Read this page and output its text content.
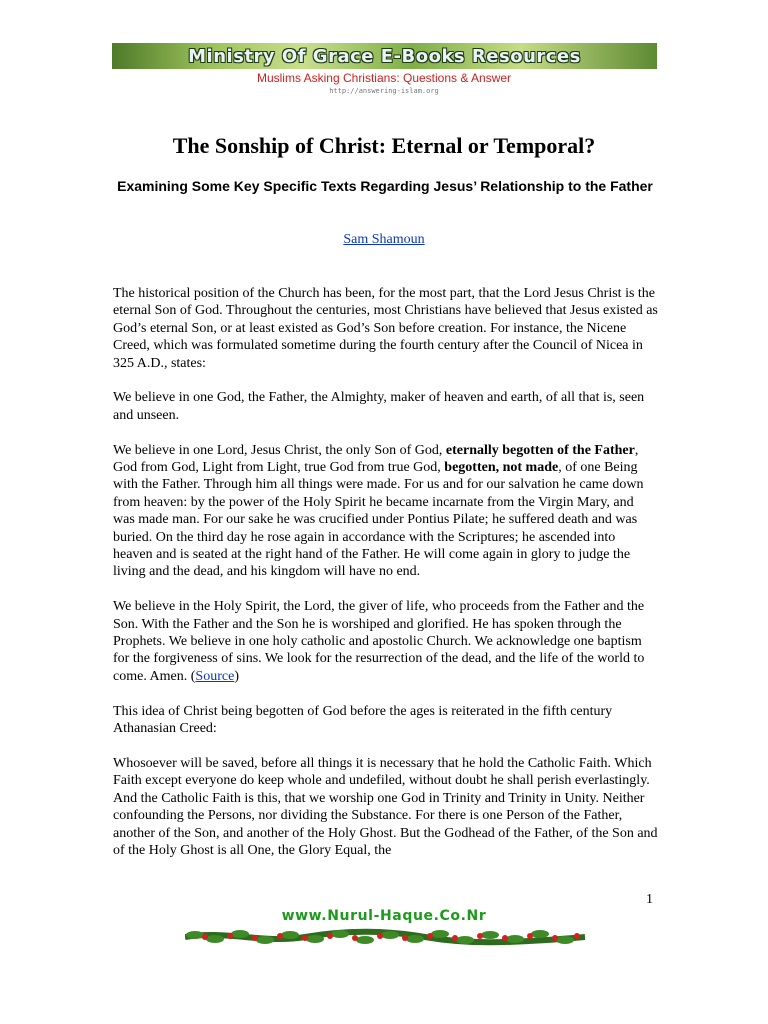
Ministry Of Grace E-Books Resources
Muslims Asking Christians: Questions & Answer
http://answering-islam.org
The Sonship of Christ: Eternal or Temporal?
Examining Some Key Specific Texts Regarding Jesus’ Relationship to the Father
Sam Shamoun

The historical position of the Church has been, for the most part, that the Lord Jesus Christ is the eternal Son of God. Throughout the centuries, most Christians have believed that Jesus existed as God’s eternal Son, or at least existed as God’s Son before creation. For instance, the Nicene Creed, which was formulated sometime during the fourth century after the Council of Nicea in 325 A.D., states:

We believe in one God, the Father, the Almighty, maker of heaven and earth, of all that is, seen and unseen.

We believe in one Lord, Jesus Christ, the only Son of God, eternally begotten of the Father, God from God, Light from Light, true God from true God, begotten, not made, of one Being with the Father. Through him all things were made. For us and for our salvation he came down from heaven: by the power of the Holy Spirit he became incarnate from the Virgin Mary, and was made man. For our sake he was crucified under Pontius Pilate; he suffered death and was buried. On the third day he rose again in accordance with the Scriptures; he ascended into heaven and is seated at the right hand of the Father. He will come again in glory to judge the living and the dead, and his kingdom will have no end.

We believe in the Holy Spirit, the Lord, the giver of life, who proceeds from the Father and the Son. With the Father and the Son he is worshiped and glorified. He has spoken through the Prophets. We believe in one holy catholic and apostolic Church. We acknowledge one baptism for the forgiveness of sins. We look for the resurrection of the dead, and the life of the world to come. Amen. (Source)

This idea of Christ being begotten of God before the ages is reiterated in the fifth century Athanasian Creed:

Whosoever will be saved, before all things it is necessary that he hold the Catholic Faith. Which Faith except everyone do keep whole and undefiled, without doubt he shall perish everlastingly. And the Catholic Faith is this, that we worship one God in Trinity and Trinity in Unity. Neither confounding the Persons, nor dividing the Substance. For there is one Person of the Father, another of the Son, and another of the Holy Ghost. But the Godhead of the Father, of the Son and of the Holy Ghost is all One, the Glory Equal, the

1
www.Nurul-Haque.Co.Nr
